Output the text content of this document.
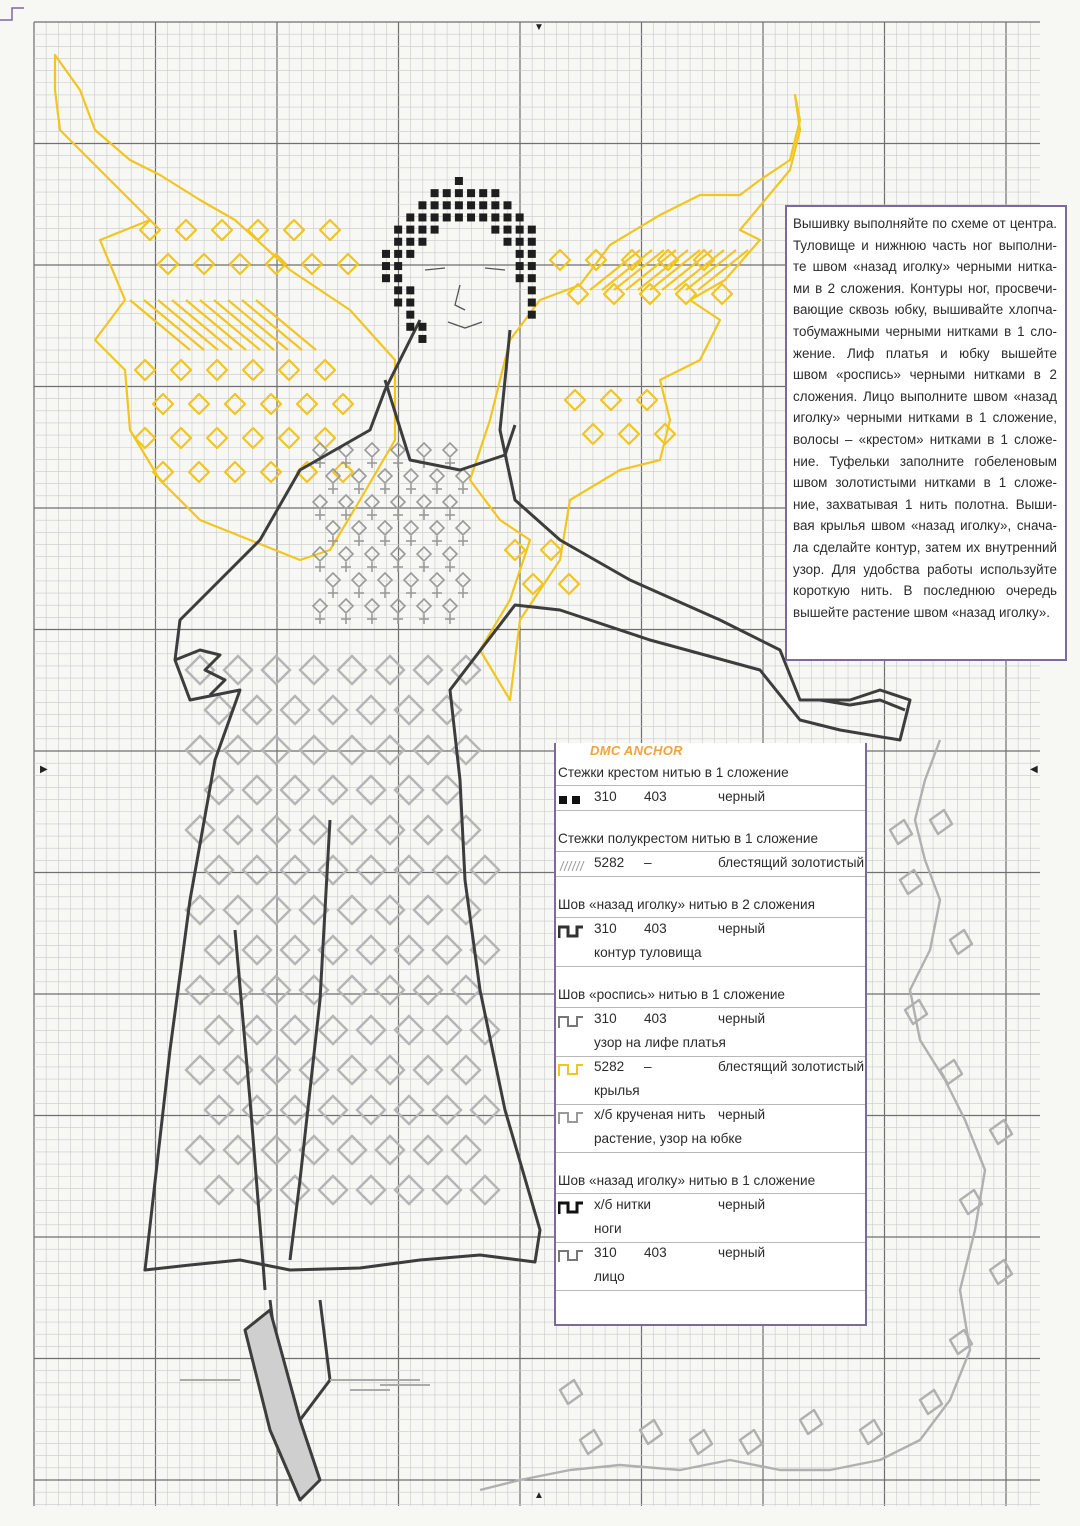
▼
▲
▶	◀
Вышивку выполняйте по схеме от центра.
Туловище и нижнюю часть ног выполни-
те швом «назад иголку» черными нитка-
ми в 2 сложения. Контуры ног, просвечи-
вающие сквозь юбку, вышивайте хлопча-
тобумажными черными нитками в 1 сло-
жение. Лиф платья и юбку вышейте
швом «роспись» черными нитками в 2
сложения. Лицо выполните швом «назад
иголку» черными нитками в 1 сложение,
волосы – «крестом» нитками в 1 сложе-
ние. Туфельки заполните гобеленовым
швом золотистыми нитками в 1 сложе-
ние, захватывая 1 нить полотна. Выши-
вая крылья швом «назад иголку», снача-
ла сделайте контур, затем их внутренний
узор. Для удобства работы используйте
короткую нить. В последнюю очередь
вышейте растение швом «назад иголку».
DMC ANCHOR
Стежки крестом нитью в 1 сложение
310 403	черный
Стежки полукрестом нитью в 1 сложение
5282 –	блестящий золотистый
Шов «назад иголку» нитью в 2 сложения
310 403	черный
контур туловища
Шов «роспись» нитью в 1 сложение
310 403	черный
узор на лифе платья
5282 –	блестящий золотистый
крылья
х/б крученая нить черный
растение, узор на юбке
Шов «назад иголку» нитью в 1 сложение
х/б нитки	черный
ноги
310 403	черный
лицо
